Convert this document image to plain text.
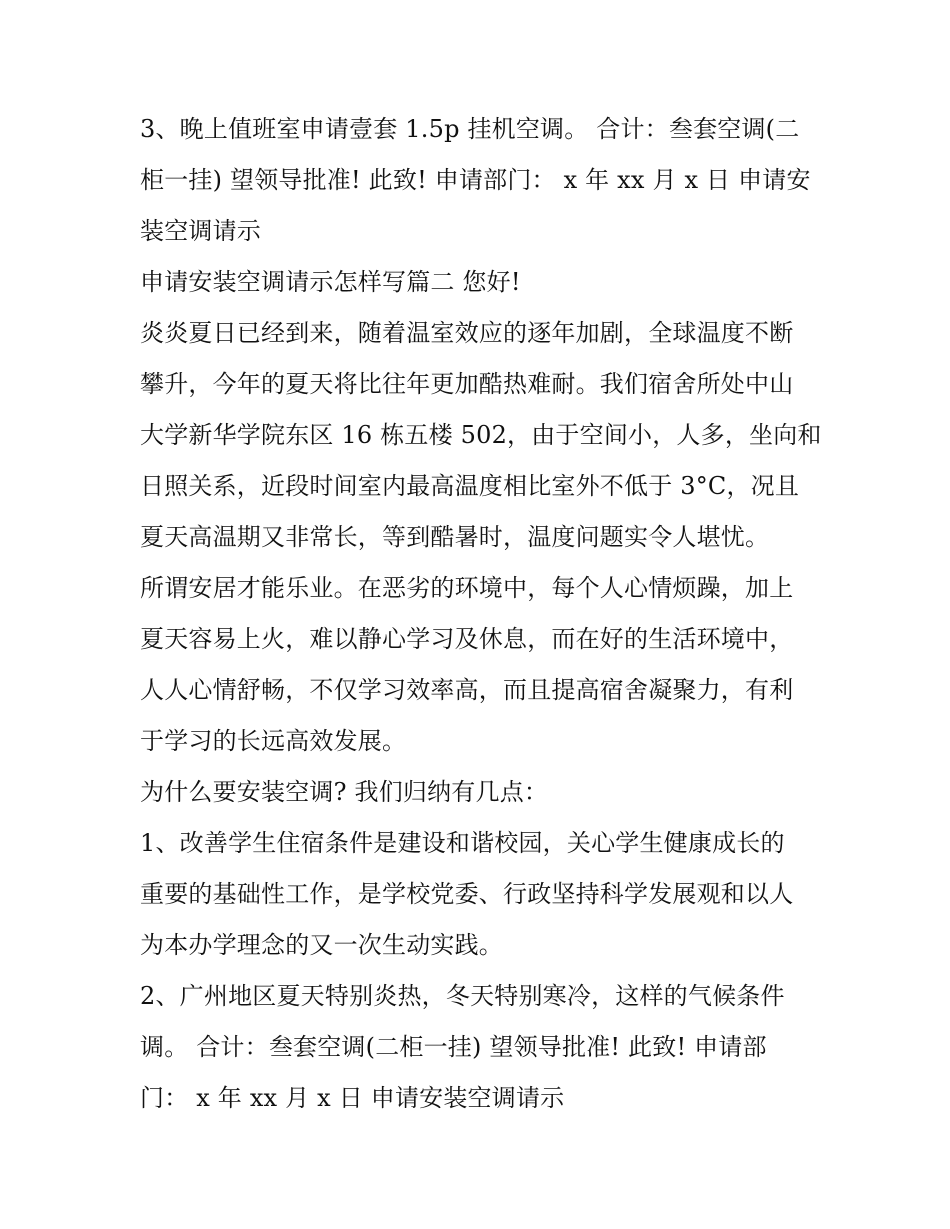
3、晚上值班室申请壹套 1.5p 挂机空调。 合计：叁套空调(二
柜一挂) 望领导批准! 此致! 申请部门： x 年 xx 月 x 日 申请安
装空调请示
申请安装空调请示怎样写篇二 您好!
炎炎夏日已经到来，随着温室效应的逐年加剧，全球温度不断
攀升，今年的夏天将比往年更加酷热难耐。我们宿舍所处中山
大学新华学院东区 16 栋五楼 502，由于空间小，人多，坐向和
日照关系，近段时间室内最高温度相比室外不低于 3°C，况且
夏天高温期又非常长，等到酷暑时，温度问题实令人堪忧。
所谓安居才能乐业。在恶劣的环境中，每个人心情烦躁，加上
夏天容易上火，难以静心学习及休息，而在好的生活环境中，
人人心情舒畅，不仅学习效率高，而且提高宿舍凝聚力，有利
于学习的长远高效发展。
为什么要安装空调? 我们归纳有几点：
1、改善学生住宿条件是建设和谐校园，关心学生健康成长的
重要的基础性工作，是学校党委、行政坚持科学发展观和以人
为本办学理念的又一次生动实践。
2、广州地区夏天特别炎热，冬天特别寒冷，这样的气候条件
调。 合计：叁套空调(二柜一挂) 望领导批准! 此致! 申请部
门： x 年 xx 月 x 日 申请安装空调请示
